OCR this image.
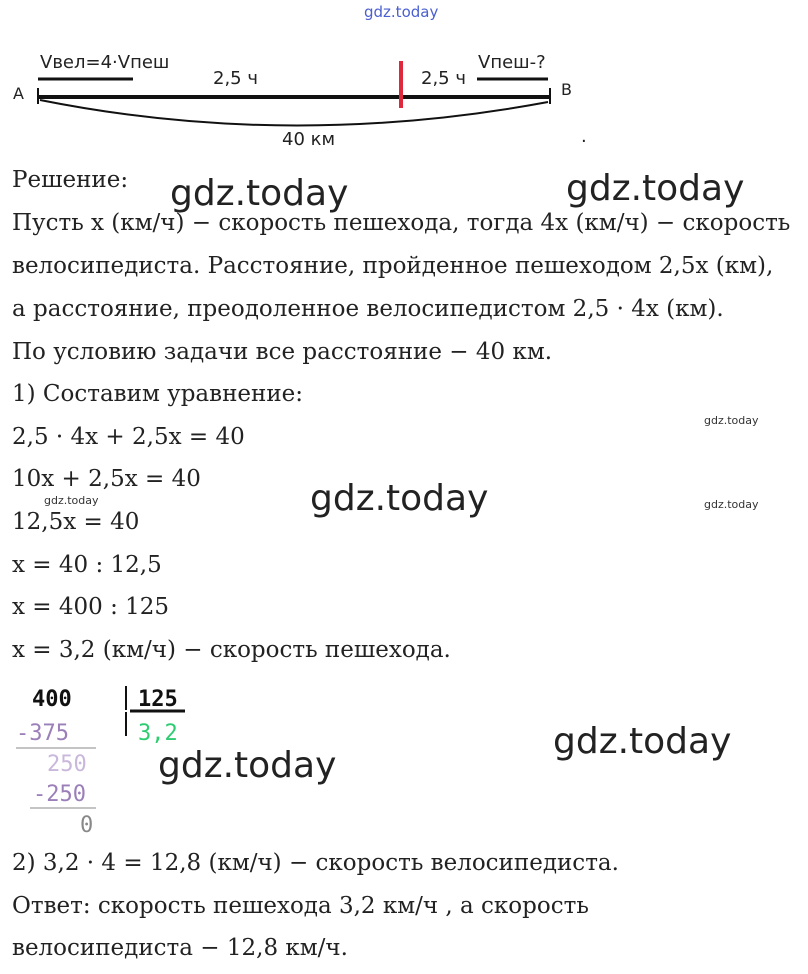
gdz.today
A	B
Vвел=4·Vпеш	Vпеш-?
2,5 ч	2,5 ч
40 км	.
Решение:
Пусть x (км/ч) − скорость пешехода, тогда 4x (км/ч) − скорость
велосипедиста. Расстояние, пройденное пешеходом 2,5x (км),
а расстояние, преодоленное велосипедистом 2,5 · 4x (км).
По условию задачи все расстояние − 40 км.
1) Составим уравнение:
2,5 · 4x + 2,5x = 40
10x + 2,5x = 40
12,5x = 40
x = 40 : 12,5
x = 400 : 125
x = 3,2 (км/ч) − скорость пешехода.
400	125
-375	3,2
250
-250
0
2) 3,2 · 4 = 12,8 (км/ч) − скорость велосипедиста.
Ответ: скорость пешехода 3,2 км/ч , а скорость
велосипедиста − 12,8 км/ч.
gdz.today	gdz.today
gdz.today
gdz.today
gdz.today
gdz.today
gdz.today
gdz.today
